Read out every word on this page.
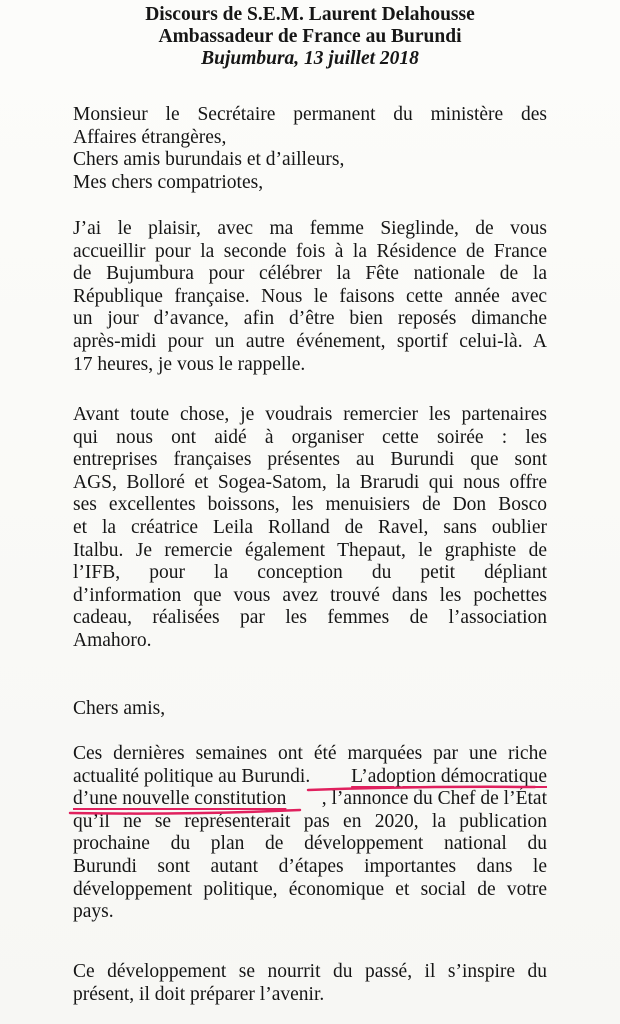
Discours de S.E.M. Laurent Delahousse
Ambassadeur de France au Burundi
Bujumbura, 13 juillet 2018
Monsieur le Secrétaire permanent du ministère des
Affaires étrangères,
Chers amis burundais et d’ailleurs,
Mes chers compatriotes,
J’ai le plaisir, avec ma femme Sieglinde, de vous
accueillir pour la seconde fois à la Résidence de France
de Bujumbura pour célébrer la Fête nationale de la
République française. Nous le faisons cette année avec
un jour d’avance, afin d’être bien reposés dimanche
après-midi pour un autre événement, sportif celui-là. A
17 heures, je vous le rappelle.
Avant toute chose, je voudrais remercier les partenaires
qui nous ont aidé à organiser cette soirée : les
entreprises françaises présentes au Burundi que sont
AGS, Bolloré et Sogea-Satom, la Brarudi qui nous offre
ses excellentes boissons, les menuisiers de Don Bosco
et la créatrice Leila Rolland de Ravel, sans oublier
Italbu. Je remercie également Thepaut, le graphiste de
l’IFB, pour la conception du petit dépliant
d’information que vous avez trouvé dans les pochettes
cadeau, réalisées par les femmes de l’association
Amahoro.
Chers amis,
Ces dernières semaines ont été marquées par une riche
actualité politique au Burundi. L’adoption démocratique
d’une nouvelle constitution , l’annonce du Chef de l’État
qu’il ne se représenterait pas en 2020, la publication
prochaine du plan de développement national du
Burundi sont autant d’étapes importantes dans le
développement politique, économique et social de votre
pays.
Ce développement se nourrit du passé, il s’inspire du
présent, il doit préparer l’avenir.
